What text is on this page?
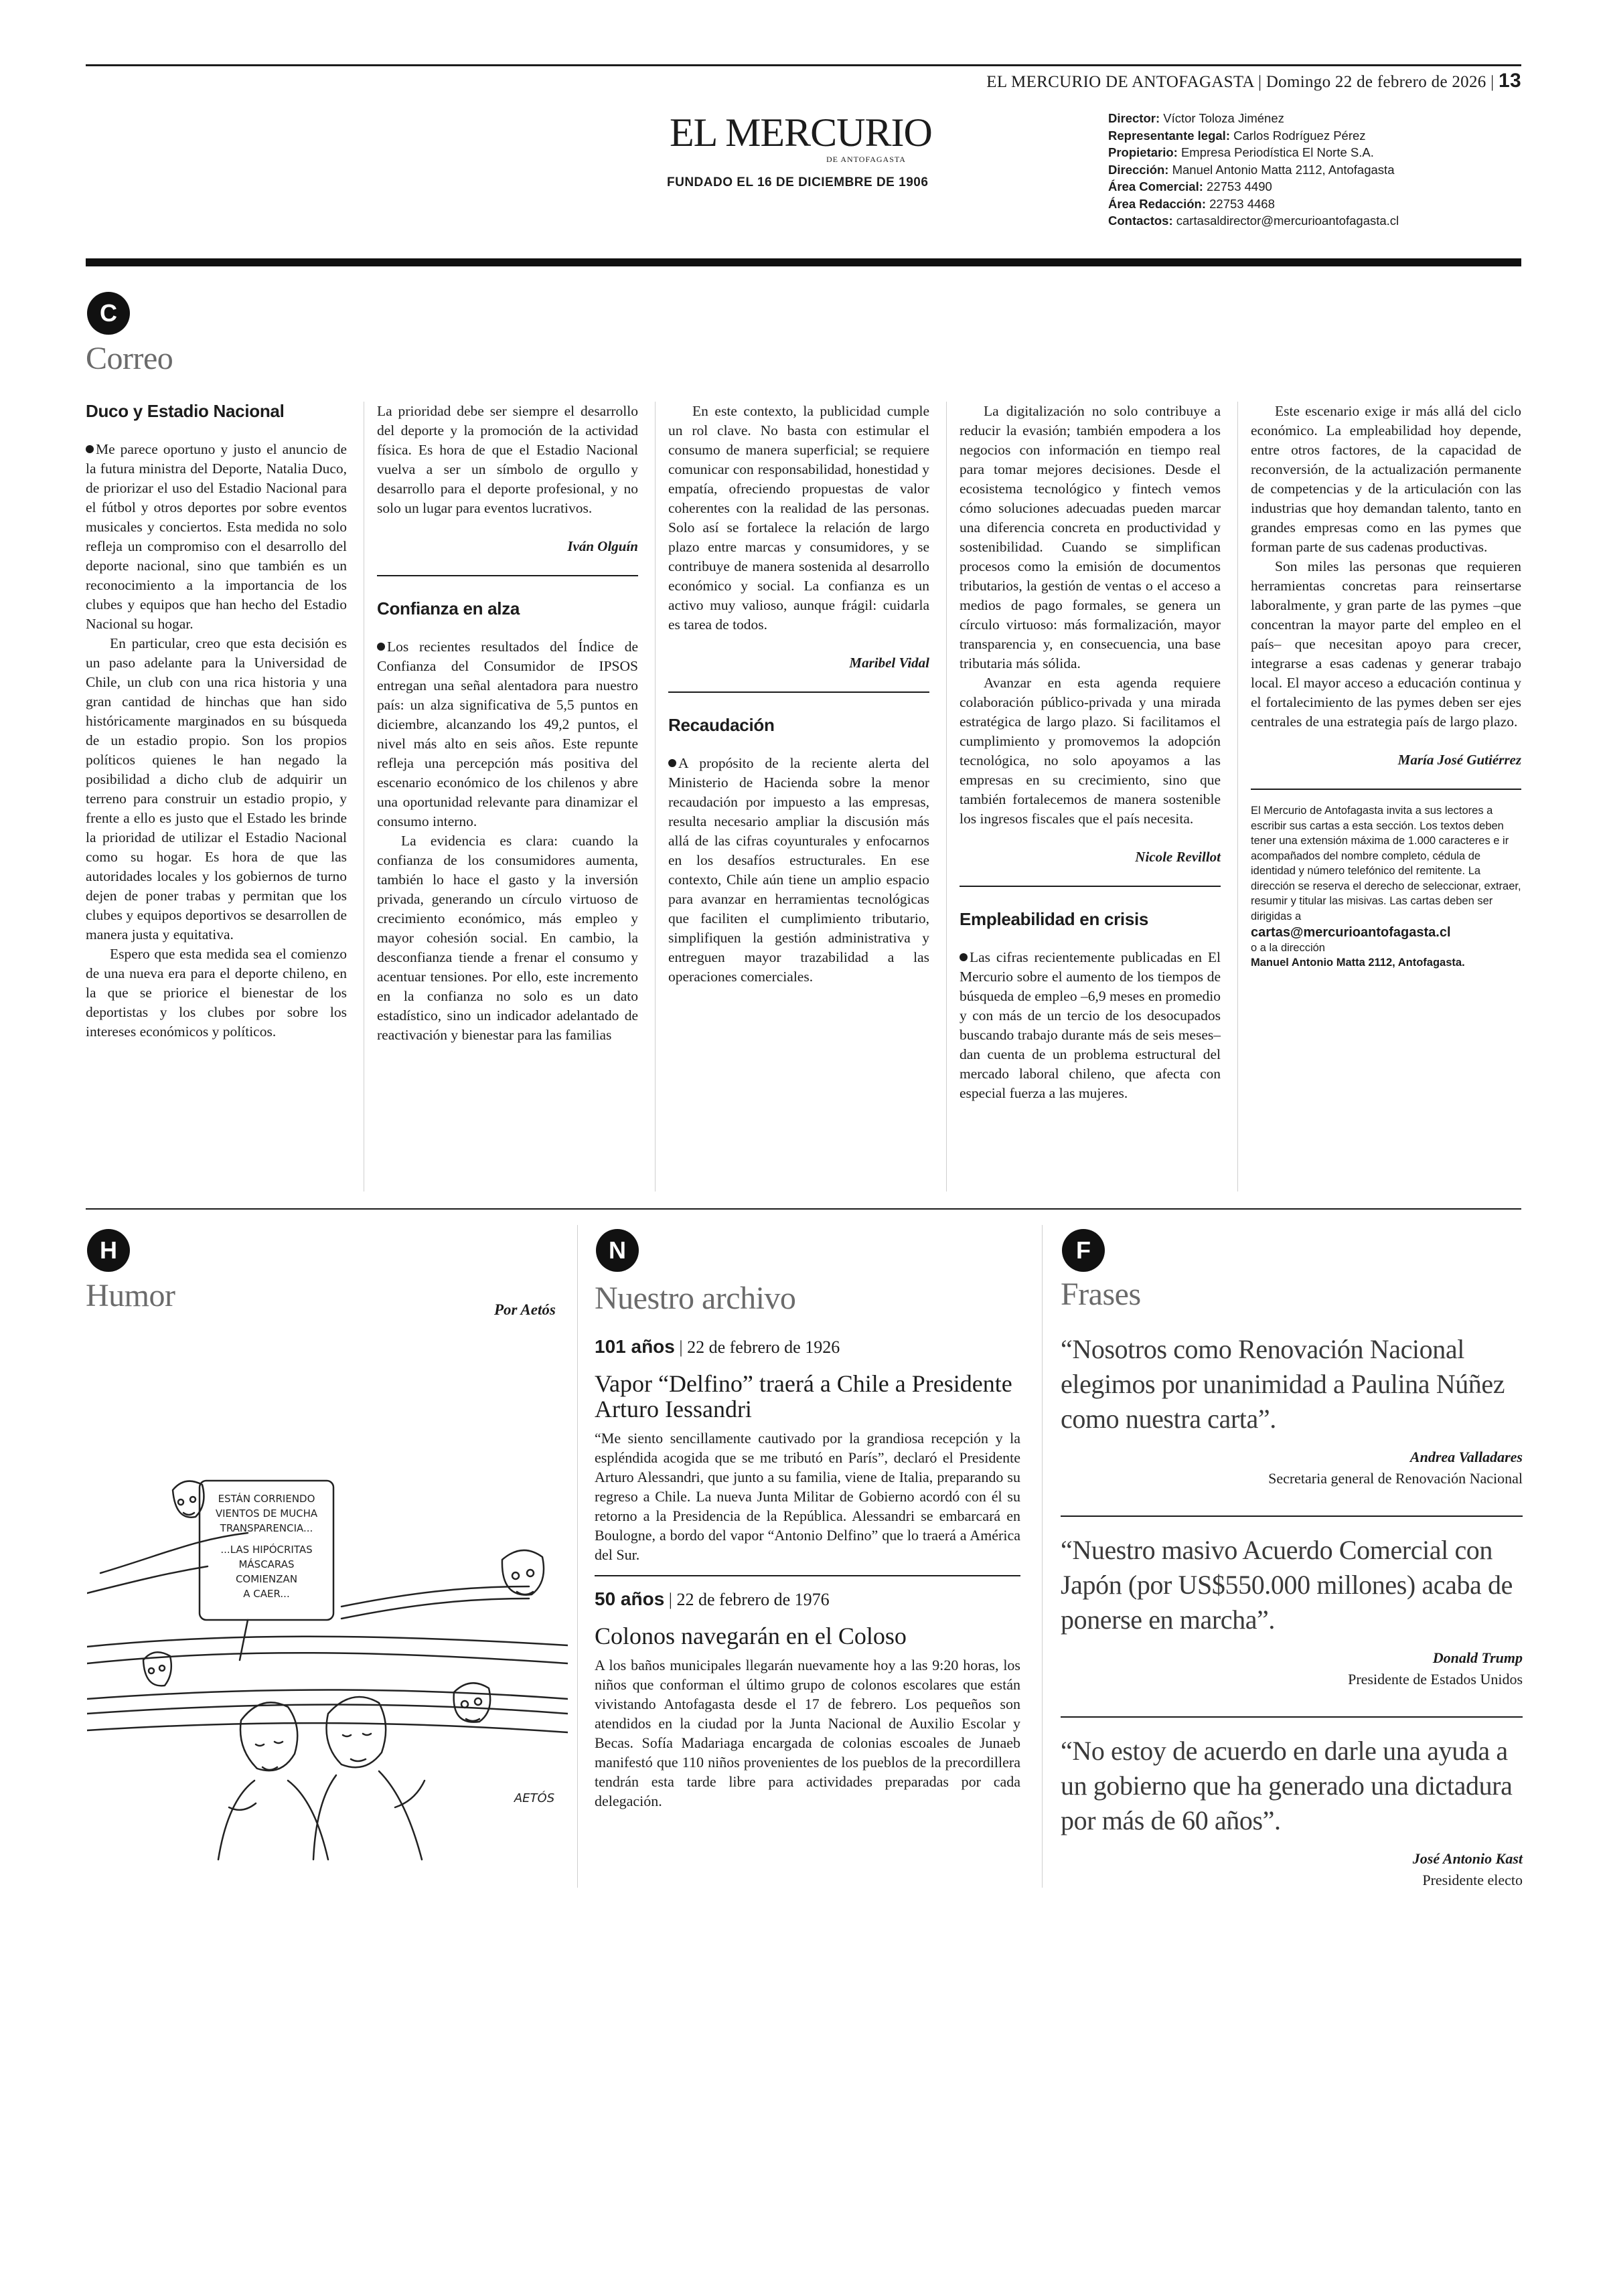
EL MERCURIO DE ANTOFAGASTA | Domingo 22 de febrero de 2026 | 13
EL MERCURIO
DE ANTOFAGASTA
FUNDADO EL 16 DE DICIEMBRE DE 1906
Director: Víctor Toloza Jiménez
Representante legal: Carlos Rodríguez Pérez
Propietario: Empresa Periodística El Norte S.A.
Dirección: Manuel Antonio Matta 2112, Antofagasta
Área Comercial: 22753 4490
Área Redacción: 22753 4468
Contactos: cartasaldirector@mercurioantofagasta.cl
C
Correo
Duco y Estadio Nacional

Me parece oportuno y justo el anuncio de la futura ministra del Deporte, Natalia Duco, de priorizar el uso del Estadio Nacional para el fútbol y otros deportes por sobre eventos musicales y conciertos. Esta medida no solo refleja un compromiso con el desarrollo del deporte nacional, sino que también es un reconocimiento a la importancia de los clubes y equipos que han hecho del Estadio Nacional su hogar.

En particular, creo que esta decisión es un paso adelante para la Universidad de Chile, un club con una rica historia y una gran cantidad de hinchas que han sido históricamente marginados en su búsqueda de un estadio propio. Son los propios políticos quienes le han negado la posibilidad a dicho club de adquirir un terreno para construir un estadio propio, y frente a ello es justo que el Estado les brinde la prioridad de utilizar el Estadio Nacional como su hogar. Es hora de que las autoridades locales y los gobiernos de turno dejen de poner trabas y permitan que los clubes y equipos deportivos se desarrollen de manera justa y equitativa.

Espero que esta medida sea el comienzo de una nueva era para el deporte chileno, en la que se priorice el bienestar de los deportistas y los clubes por sobre los intereses económicos y políticos.

La prioridad debe ser siempre el desarrollo del deporte y la promoción de la actividad física. Es hora de que el Estadio Nacional vuelva a ser un símbolo de orgullo y desarrollo para el deporte profesional, y no solo un lugar para eventos lucrativos.

Iván Olguín
Confianza en alza

Los recientes resultados del Índice de Confianza del Consumidor de IPSOS entregan una señal alentadora para nuestro país: un alza significativa de 5,5 puntos en diciembre, alcanzando los 49,2 puntos, el nivel más alto en seis años. Este repunte refleja una percepción más positiva del escenario económico de los chilenos y abre una oportunidad relevante para dinamizar el consumo interno.

La evidencia es clara: cuando la confianza de los consumidores aumenta, también lo hace el gasto y la inversión privada, generando un círculo virtuoso de crecimiento económico, más empleo y mayor cohesión social. En cambio, la desconfianza tiende a frenar el consumo y acentuar tensiones. Por ello, este incremento en la confianza no solo es un dato estadístico, sino un indicador adelantado de reactivación y bienestar para las familias

En este contexto, la publicidad cumple un rol clave. No basta con estimular el consumo de manera superficial; se requiere comunicar con responsabilidad, honestidad y empatía, ofreciendo propuestas de valor coherentes con la realidad de las personas. Solo así se fortalece la relación de largo plazo entre marcas y consumidores, y se contribuye de manera sostenida al desarrollo económico y social. La confianza es un activo muy valioso, aunque frágil: cuidarla es tarea de todos.

Maribel Vidal
Recaudación

A propósito de la reciente alerta del Ministerio de Hacienda sobre la menor recaudación por impuesto a las empresas, resulta necesario ampliar la discusión más allá de las cifras coyunturales y enfocarnos en los desafíos estructurales. En ese contexto, Chile aún tiene un amplio espacio para avanzar en herramientas tecnológicas que faciliten el cumplimiento tributario, simplifiquen la gestión administrativa y entreguen mayor trazabilidad a las operaciones comerciales.

La digitalización no solo contribuye a reducir la evasión; también empodera a los negocios con información en tiempo real para tomar mejores decisiones. Desde el ecosistema tecnológico y fintech vemos cómo soluciones adecuadas pueden marcar una diferencia concreta en productividad y sostenibilidad. Cuando se simplifican procesos como la emisión de documentos tributarios, la gestión de ventas o el acceso a medios de pago formales, se genera un círculo virtuoso: más formalización, mayor transparencia y, en consecuencia, una base tributaria más sólida.

Avanzar en esta agenda requiere colaboración público-privada y una mirada estratégica de largo plazo. Si facilitamos el cumplimiento y promovemos la adopción tecnológica, no solo apoyamos a las empresas en su crecimiento, sino que también fortalecemos de manera sostenible los ingresos fiscales que el país necesita.

Nicole Revillot
Empleabilidad en crisis

Las cifras recientemente publicadas en El Mercurio sobre el aumento de los tiempos de búsqueda de empleo –6,9 meses en promedio y con más de un tercio de los desocupados buscando trabajo durante más de seis meses– dan cuenta de un problema estructural del mercado laboral chileno, que afecta con especial fuerza a las mujeres.

Este escenario exige ir más allá del ciclo económico. La empleabilidad hoy depende, entre otros factores, de la capacidad de reconversión, de la actualización permanente de competencias y de la articulación con las industrias que hoy demandan talento, tanto en grandes empresas como en las pymes que forman parte de sus cadenas productivas.

Son miles las personas que requieren herramientas concretas para reinsertarse laboralmente, y gran parte de las pymes –que concentran la mayor parte del empleo en el país– que necesitan apoyo para crecer, integrarse a esas cadenas y generar trabajo local. El mayor acceso a educación continua y el fortalecimiento de las pymes deben ser ejes centrales de una estrategia país de largo plazo.

María José Gutiérrez
El Mercurio de Antofagasta invita a sus lectores a escribir sus cartas a esta sección. Los textos deben tener una extensión máxima de 1.000 caracteres e ir acompañados del nombre completo, cédula de identidad y número telefónico del remitente. La dirección se reserva el derecho de seleccionar, extraer, resumir y titular las misivas. Las cartas deben ser dirigidas a
cartas@mercurioantofagasta.cl
o a la dirección
Manuel Antonio Matta 2112, Antofagasta.
H
Humor	Por Aetós
ESTÁN CORRIENDO
VIENTOS DE MUCHA
TRANSPARENCIA...
...LAS HIPÓCRITAS
MÁSCARAS
COMIENZAN
A CAER...
AETÓS
N
Nuestro archivo
101 años | 22 de febrero de 1926
Vapor “Delfino” traerá a Chile a Presidente Arturo Iessandri
“Me siento sencillamente cautivado por la grandiosa recepción y la espléndida acogida que se me tributó en París”, declaró el Presidente Arturo Alessandri, que junto a su familia, viene de Italia, preparando su regreso a Chile. La nueva Junta Militar de Gobierno acordó con él su retorno a la Presidencia de la República. Alessandri se embarcará en Boulogne, a bordo del vapor “Antonio Delfino” que lo traerá a América del Sur.
50 años | 22 de febrero de 1976
Colonos navegarán en el Coloso
A los baños municipales llegarán nuevamente hoy a las 9:20 horas, los niños que conforman el último grupo de colonos escolares que están vivistando Antofagasta desde el 17 de febrero. Los pequeños son atendidos en la ciudad por la Junta Nacional de Auxilio Escolar y Becas. Sofía Madariaga encargada de colonias escoales de Junaeb manifestó que 110 niños provenientes de los pueblos de la precordillera tendrán esta tarde libre para actividades preparadas por cada delegación.
F
Frases
“Nosotros como Renovación Nacional elegimos por unanimidad a Paulina Núñez como nuestra carta”.
Andrea Valladares
Secretaria general de Renovación Nacional
“Nuestro masivo Acuerdo Comercial con Japón (por US$550.000 millones) acaba de ponerse en marcha”.
Donald Trump
Presidente de Estados Unidos
“No estoy de acuerdo en darle una ayuda a un gobierno que ha generado una dictadura por más de 60 años”.
José Antonio Kast
Presidente electo
